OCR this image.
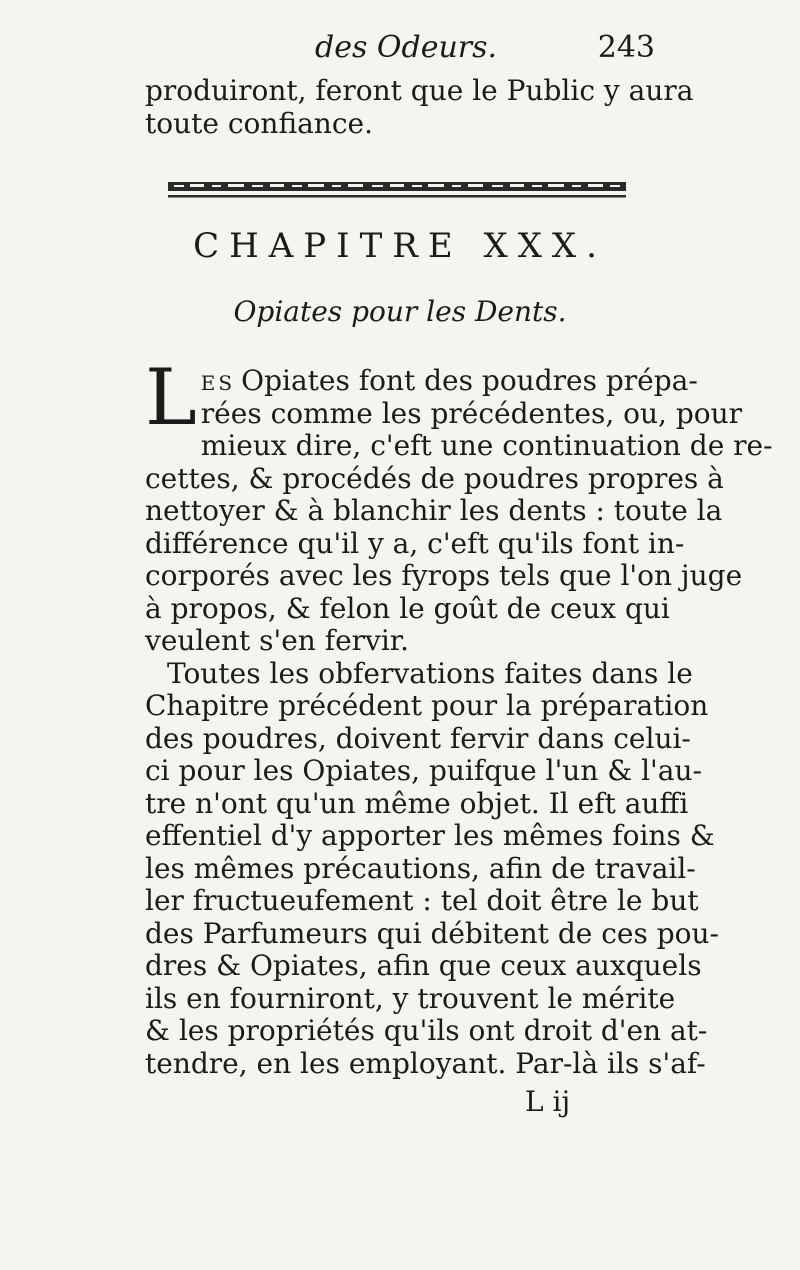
des Odeurs.	243
produiront, feront que le Public y aura
toute confiance.
CHAPITRE XXX.
Opiates pour les Dents.
L ES Opiates font des poudres prépa-
rées comme les précédentes, ou, pour
mieux dire, c'eft une continuation de re-
cettes, & procédés de poudres propres à
nettoyer & à blanchir les dents : toute la
différence qu'il y a, c'eft qu'ils font in-
corporés avec les fyrops tels que l'on juge
à propos, & felon le goût de ceux qui
veulent s'en fervir.
Toutes les obfervations faites dans le
Chapitre précédent pour la préparation
des poudres, doivent fervir dans celui-
ci pour les Opiates, puifque l'un & l'au-
tre n'ont qu'un même objet. Il eft auffi
effentiel d'y apporter les mêmes foins &
les mêmes précautions, afin de travail-
ler fructueufement : tel doit être le but
des Parfumeurs qui débitent de ces pou-
dres & Opiates, afin que ceux auxquels
ils en fourniront, y trouvent le mérite
& les propriétés qu'ils ont droit d'en at-
tendre, en les employant. Par-là ils s'af-
L ij
